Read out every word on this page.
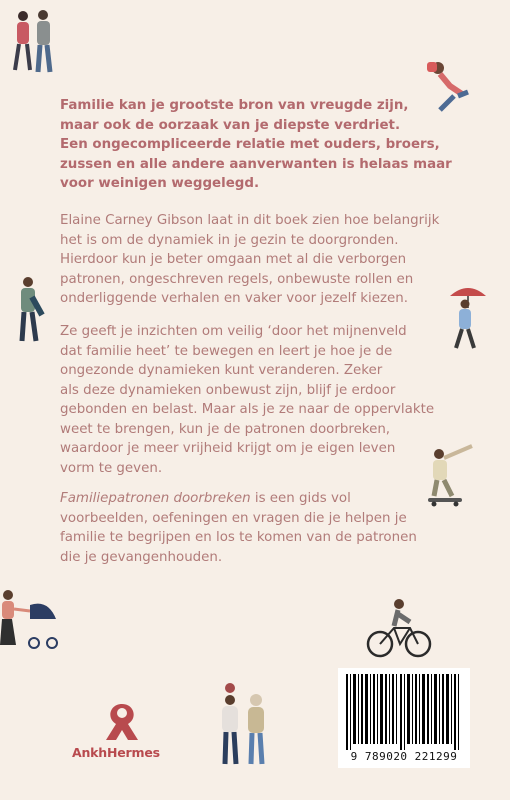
Familie kan je grootste bron van vreugde zijn,
maar ook de oorzaak van je diepste verdriet.
Een ongecompliceerde relatie met ouders, broers,
zussen en alle andere aanverwanten is helaas maar
voor weinigen weggelegd.

Elaine Carney Gibson laat in dit boek zien hoe belangrijk
het is om de dynamiek in je gezin te doorgronden.
Hierdoor kun je beter omgaan met al die verborgen
patronen, ongeschreven regels, onbewuste rollen en
onderliggende verhalen en vaker voor jezelf kiezen.

Ze geeft je inzichten om veilig ‘door het mijnenveld
dat familie heet’ te bewegen en leert je hoe je de
ongezonde dynamieken kunt veranderen. Zeker
als deze dynamieken onbewust zijn, blijf je erdoor
gebonden en belast. Maar als je ze naar de oppervlakte
weet te brengen, kun je de patronen doorbreken,
waardoor je meer vrijheid krijgt om je eigen leven
vorm te geven.

Familiepatronen doorbreken is een gids vol
voorbeelden, oefeningen en vragen die je helpen je
familie te begrijpen en los te komen van de patronen
die je gevangenhouden.

AnkhHermes	9 789020 221299
